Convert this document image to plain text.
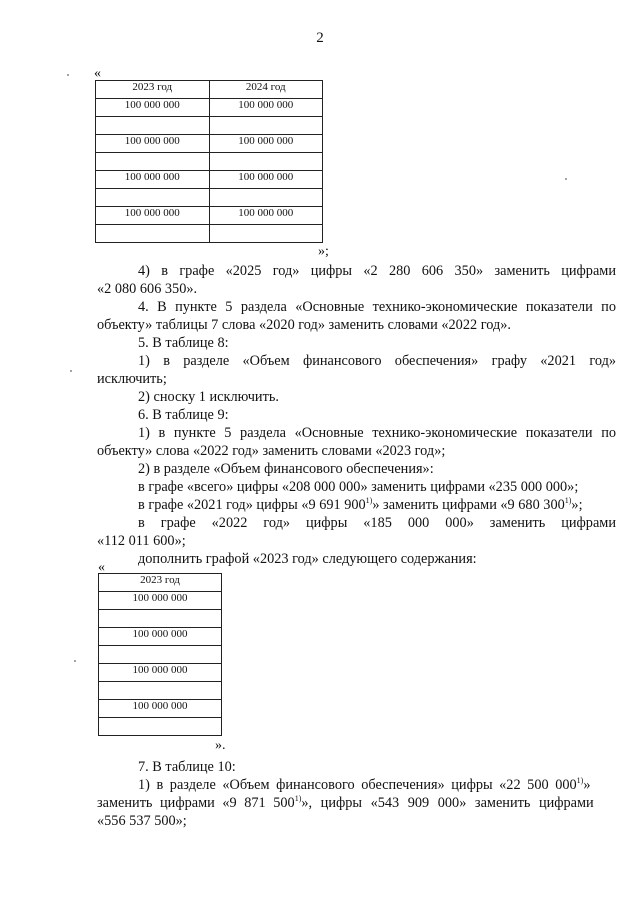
2
«
2023 год	2024 год
100 000 000	100 000 000

100 000 000	100 000 000

100 000 000	100 000 000

100 000 000	100 000 000

»;
4) в графе «2025 год» цифры «2 280 606 350» заменить цифрами
«2 080 606 350».
4. В пункте 5 раздела «Основные технико-экономические показатели по
объекту» таблицы 7 слова «2020 год» заменить словами «2022 год».
5. В таблице 8:
1) в разделе «Объем финансового обеспечения» графу «2021 год»
исключить;
2) сноску 1 исключить.
6. В таблице 9:
1) в пункте 5 раздела «Основные технико-экономические показатели по
объекту» слова «2022 год» заменить словами «2023 год»;
2) в разделе «Объем финансового обеспечения»:
в графе «всего» цифры «208 000 000» заменить цифрами «235 000 000»;
в графе «2021 год» цифры «9 691 900$^{1)}$» заменить цифрами «9 680 300$^{1)}$»;
в графе «2022 год» цифры «185 000 000» заменить цифрами
«112 011 600»;
дополнить графой «2023 год» следующего содержания:
«
2023 год
100 000 000

100 000 000

100 000 000

100 000 000

».
7. В таблице 10:
1) в разделе «Объем финансового обеспечения» цифры «22 500 000$^{1)}$»
заменить цифрами «9 871 500$^{1)}$», цифры «543 909 000» заменить цифрами
«556 537 500»;
